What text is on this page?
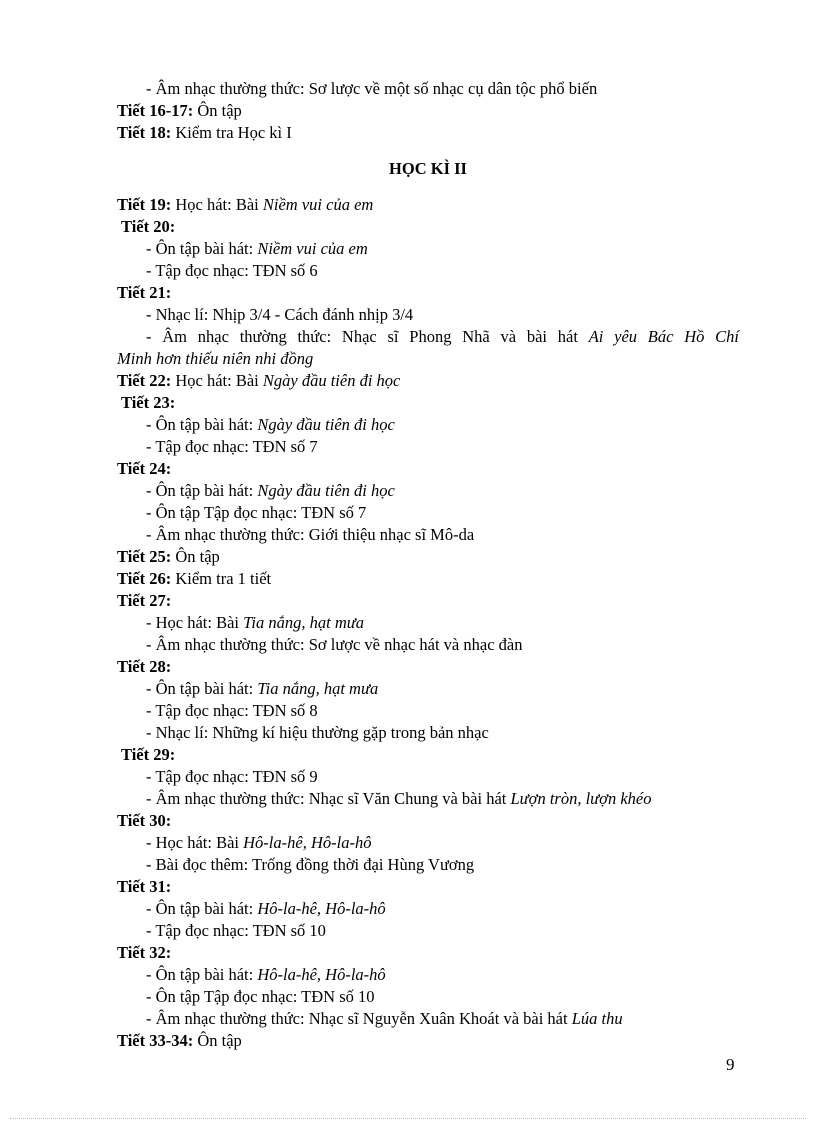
- Âm nhạc thường thức: Sơ lược về một số nhạc cụ dân tộc phổ biến
Tiết 16-17: Ôn tập
Tiết 18: Kiểm tra Học kì I
HỌC KÌ II
Tiết 19: Học hát: Bài Niềm vui của em
Tiết 20:
- Ôn tập bài hát: Niềm vui của em
- Tập đọc nhạc: TĐN số 6
Tiết 21:
- Nhạc lí: Nhịp 3/4 - Cách đánh nhịp 3/4
- Âm nhạc thường thức: Nhạc sĩ Phong Nhã và bài hát Ai yêu Bác Hồ Chí
Minh hơn thiếu niên nhi đồng
Tiết 22: Học hát: Bài Ngày đầu tiên đi học
Tiết 23:
- Ôn tập bài hát: Ngày đầu tiên đi học
- Tập đọc nhạc: TĐN số 7
Tiết 24:
- Ôn tập bài hát: Ngày đầu tiên đi học
- Ôn tập Tập đọc nhạc: TĐN số 7
- Âm nhạc thường thức: Giới thiệu nhạc sĩ Mô-da
Tiết 25: Ôn tập
Tiết 26: Kiểm tra 1 tiết
Tiết 27:
- Học hát: Bài Tia nắng, hạt mưa
- Âm nhạc thường thức: Sơ lược về nhạc hát và nhạc đàn
Tiết 28:
- Ôn tập bài hát: Tia nắng, hạt mưa
- Tập đọc nhạc: TĐN số 8
- Nhạc lí: Những kí hiệu thường gặp trong bản nhạc
Tiết 29:
- Tập đọc nhạc: TĐN số 9
- Âm nhạc thường thức: Nhạc sĩ Văn Chung và bài hát Lượn tròn, lượn khéo
Tiết 30:
- Học hát: Bài Hô-la-hê, Hô-la-hô
- Bài đọc thêm: Trống đồng thời đại Hùng Vương
Tiết 31:
- Ôn tập bài hát: Hô-la-hê, Hô-la-hô
- Tập đọc nhạc: TĐN số 10
Tiết 32:
- Ôn tập bài hát: Hô-la-hê, Hô-la-hô
- Ôn tập Tập đọc nhạc: TĐN số 10
- Âm nhạc thường thức: Nhạc sĩ Nguyễn Xuân Khoát và bài hát Lúa thu
Tiết 33-34: Ôn tập
9
